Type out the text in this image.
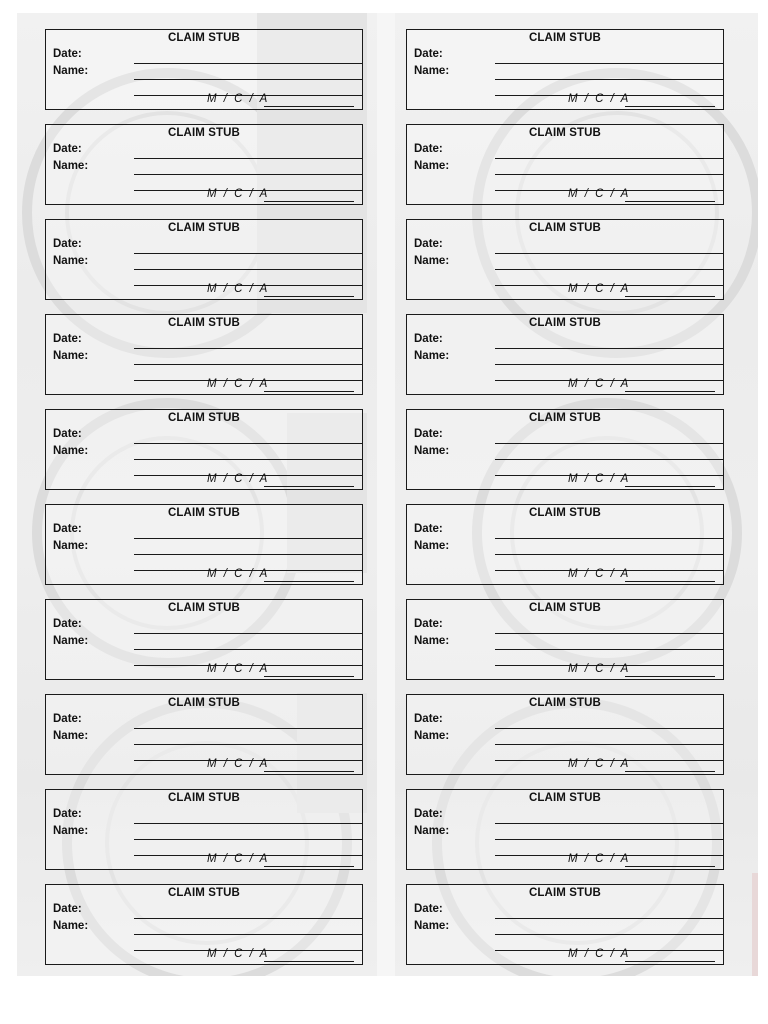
CLAIM STUB
Date:
Name:
M / C / A
CLAIM STUB
Date:
Name:
M / C / A
CLAIM STUB
Date:
Name:
M / C / A
CLAIM STUB
Date:
Name:
M / C / A
CLAIM STUB
Date:
Name:
M / C / A
CLAIM STUB
Date:
Name:
M / C / A
CLAIM STUB
Date:
Name:
M / C / A
CLAIM STUB
Date:
Name:
M / C / A
CLAIM STUB
Date:
Name:
M / C / A
CLAIM STUB
Date:
Name:
M / C / A
CLAIM STUB
Date:
Name:
M / C / A
CLAIM STUB
Date:
Name:
M / C / A
CLAIM STUB
Date:
Name:
M / C / A
CLAIM STUB
Date:
Name:
M / C / A
CLAIM STUB
Date:
Name:
M / C / A
CLAIM STUB
Date:
Name:
M / C / A
CLAIM STUB
Date:
Name:
M / C / A
CLAIM STUB
Date:
Name:
M / C / A
CLAIM STUB
Date:
Name:
M / C / A
CLAIM STUB
Date:
Name:
M / C / A
